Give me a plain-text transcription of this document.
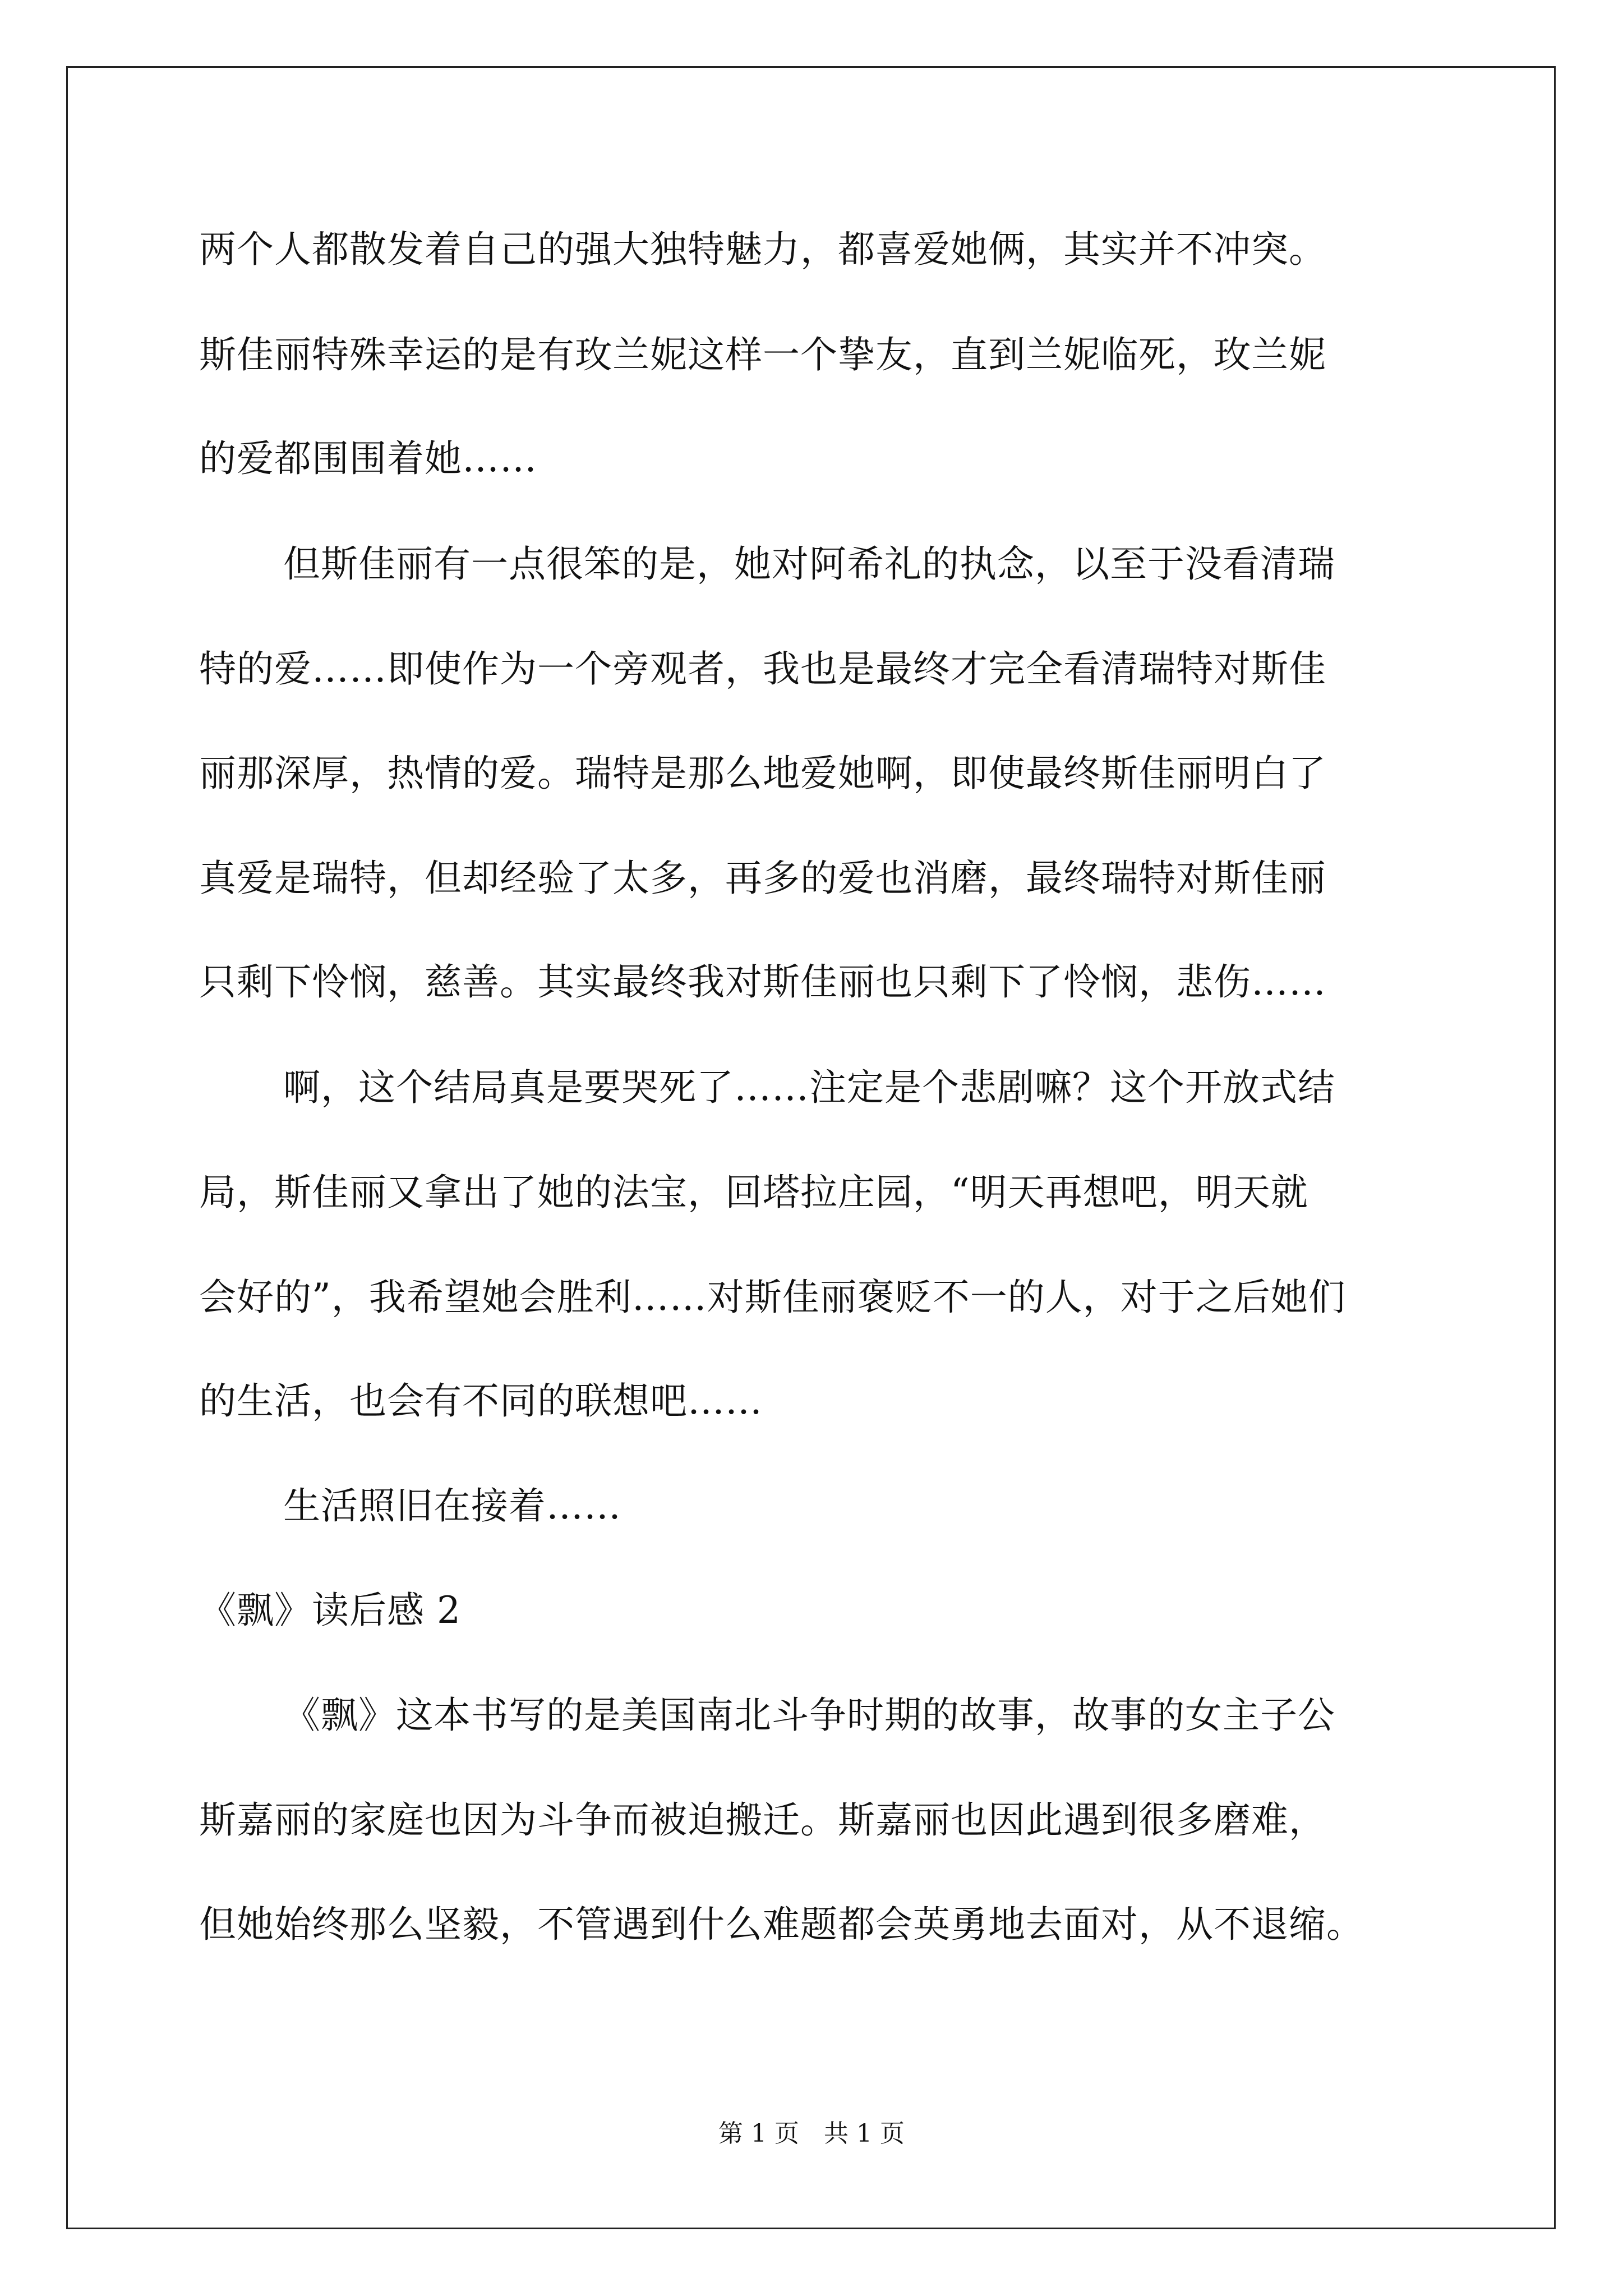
两个人都散发着自己的强大独特魅力，都喜爱她俩，其实并不冲突。
斯佳丽特殊幸运的是有玫兰妮这样一个挚友，直到兰妮临死，玫兰妮
的爱都围围着她……
但斯佳丽有一点很笨的是，她对阿希礼的执念，以至于没看清瑞
特的爱……即使作为一个旁观者，我也是最终才完全看清瑞特对斯佳
丽那深厚，热情的爱。瑞特是那么地爱她啊，即使最终斯佳丽明白了
真爱是瑞特，但却经验了太多，再多的爱也消磨，最终瑞特对斯佳丽
只剩下怜悯，慈善。其实最终我对斯佳丽也只剩下了怜悯，悲伤……
啊，这个结局真是要哭死了……注定是个悲剧嘛？这个开放式结
局，斯佳丽又拿出了她的法宝，回塔拉庄园，“明天再想吧，明天就
会好的”，我希望她会胜利……对斯佳丽褒贬不一的人，对于之后她们
的生活，也会有不同的联想吧……
生活照旧在接着……
《飘》读后感 2
《飘》这本书写的是美国南北斗争时期的故事，故事的女主子公
斯嘉丽的家庭也因为斗争而被迫搬迁。斯嘉丽也因此遇到很多磨难，
但她始终那么坚毅，不管遇到什么难题都会英勇地去面对，从不退缩。
第 1 页　共 1 页
